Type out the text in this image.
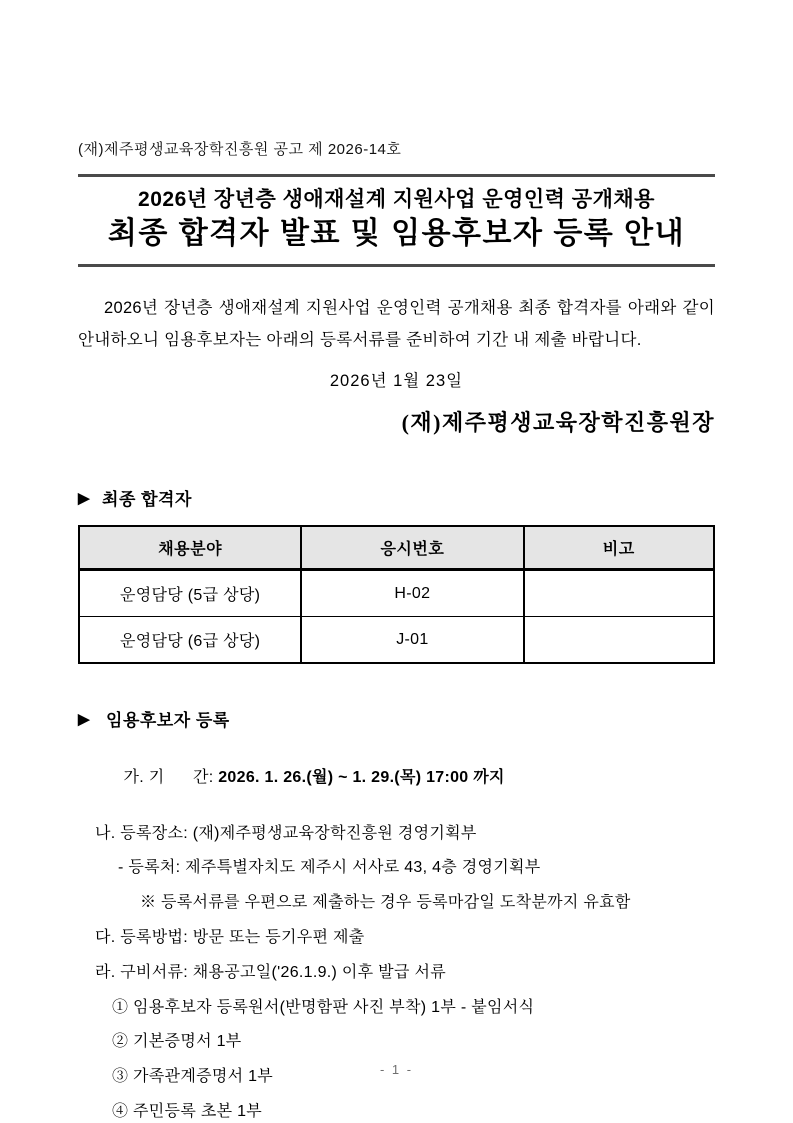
(재)제주평생교육장학진흥원 공고 제 2026-14호
2026년 장년층 생애재설계 지원사업 운영인력 공개채용
최종 합격자 발표 및 임용후보자 등록 안내
2026년 장년층 생애재설계 지원사업 운영인력 공개채용 최종 합격자를 아래와 같이 안내하오니 임용후보자는 아래의 등록서류를 준비하여 기간 내 제출 바랍니다.
2026년 1월 23일
(재)제주평생교육장학진흥원장
▶ 최종 합격자
채용분야	응시번호	비고
운영담당 (5급 상당)	H-02	
운영담당 (6급 상당)	J-01	
▶ 임용후보자 등록

가. 기      간: 2026. 1. 26.(월) ~ 1. 29.(목) 17:00 까지

나. 등록장소: (재)제주평생교육장학진흥원 경영기획부
- 등록처: 제주특별자치도 제주시 서사로 43, 4층 경영기획부
※ 등록서류를 우편으로 제출하는 경우 등록마감일 도착분까지 유효함
다. 등록방법: 방문 또는 등기우편 제출
라. 구비서류: 채용공고일('26.1.9.) 이후 발급 서류
① 임용후보자 등록원서(반명함판 사진 부착) 1부 - 붙임서식
② 기본증명서 1부
③ 가족관계증명서 1부
④ 주민등록 초본 1부
- 1 -
